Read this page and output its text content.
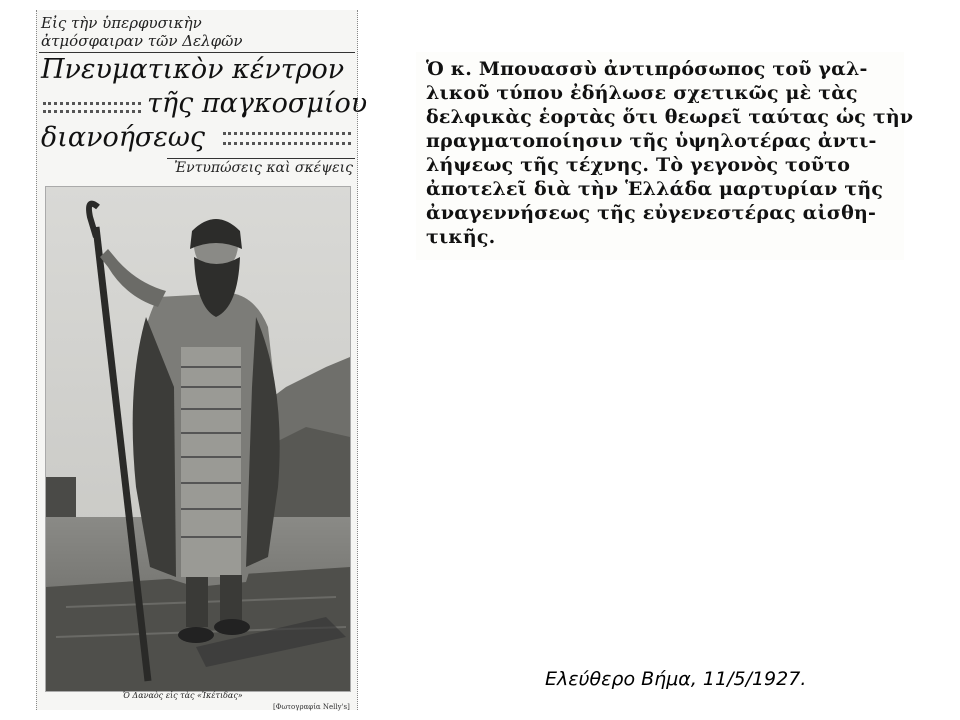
Εἰς τὴν ὑπερφυσικὴν
ἀτμόσφαιραν τῶν Δελφῶν
Πνευματικὸν κέντρον
τῆς παγκοσμίου
διανοήσεως
Ἐντυπώσεις καὶ σκέψεις
Ὁ Δαναὸς εἰς τὰς «Ἱκέτιδας»
[Φωτογραφία Nelly's]
Ὁ κ. Μπουασσὺ ἀντιπρόσωπος τοῦ γαλ-
λικοῦ τύπου ἐδήλωσε σχετικῶς μὲ τὰς
δελφικὰς ἑορτὰς ὅτι θεωρεῖ ταύτας ὡς τὴν
πραγματοποίησιν τῆς ὑψηλοτέρας ἀντι-
λήψεως τῆς τέχνης. Τὸ γεγονὸς τοῦτο
ἀποτελεῖ διὰ τὴν Ἑλλάδα μαρτυρίαν τῆς
ἀναγεννήσεως τῆς εὐγενεστέρας αἰσθη-
τικῆς.
Ελεύθερο Βήμα, 11/5/1927.
